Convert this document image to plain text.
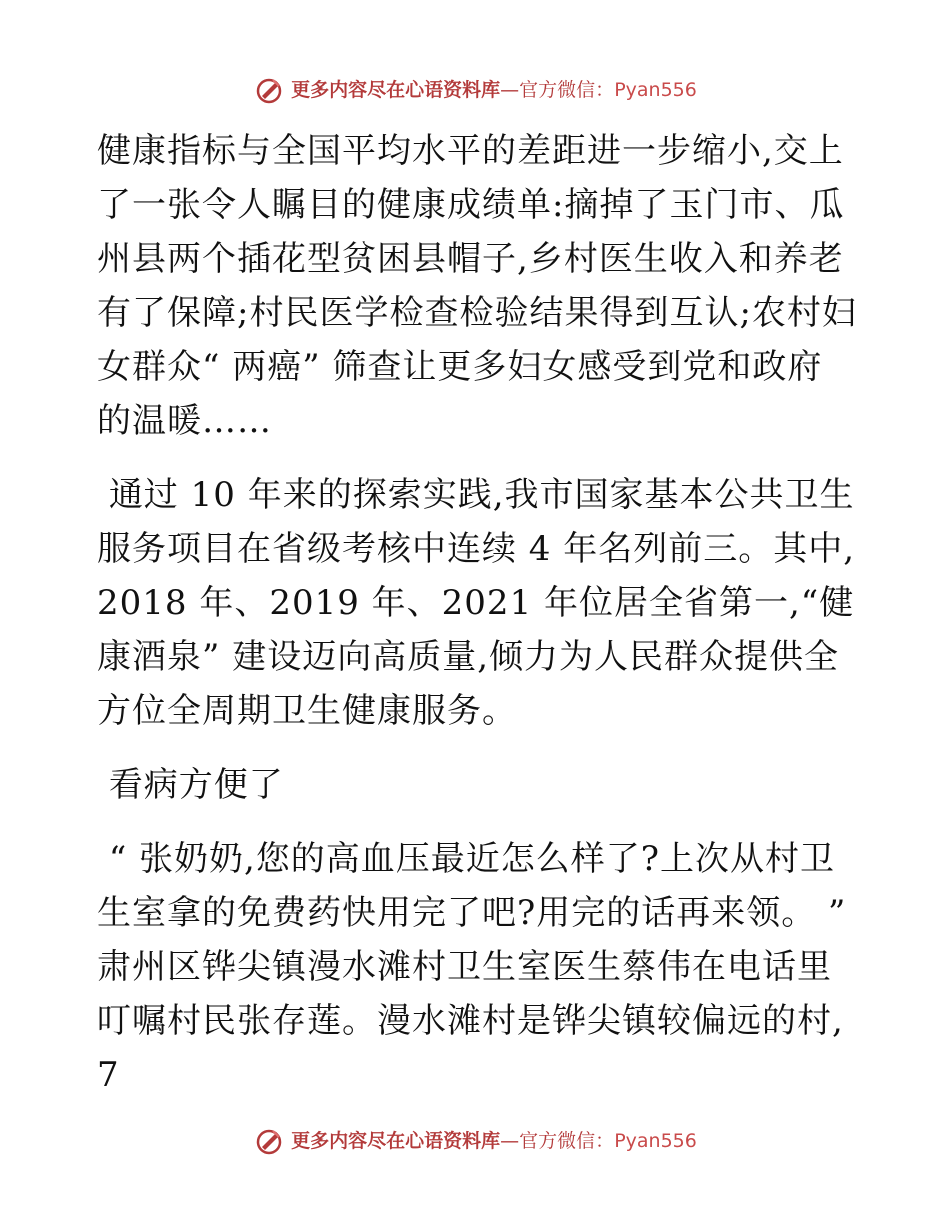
更多内容尽在心语资料库 — 官方微信： Pyan556

健康指标与全国平均水平的差距进一步缩小,交上了一张令人瞩目的健康成绩单:摘掉了玉门市、瓜州县两个插花型贫困县帽子,乡村医生收入和养老有了保障;村民医学检查检验结果得到互认;农村妇女群众“ 两癌” 筛查让更多妇女感受到党和政府的温暖……

通过 10 年来的探索实践,我市国家基本公共卫生服务项目在省级考核中连续 4 年名列前三。其中,2018 年、2019 年、2021 年位居全省第一,“健康酒泉” 建设迈向高质量,倾力为人民群众提供全方位全周期卫生健康服务。

看病方便了

“ 张奶奶,您的高血压最近怎么样了?上次从村卫生室拿的免费药快用完了吧?用完的话再来领。 ” 肃州区铧尖镇漫水滩村卫生室医生蔡伟在电话里叮嘱村民张存莲。漫水滩村是铧尖镇较偏远的村,7

更多内容尽在心语资料库 — 官方微信： Pyan556
